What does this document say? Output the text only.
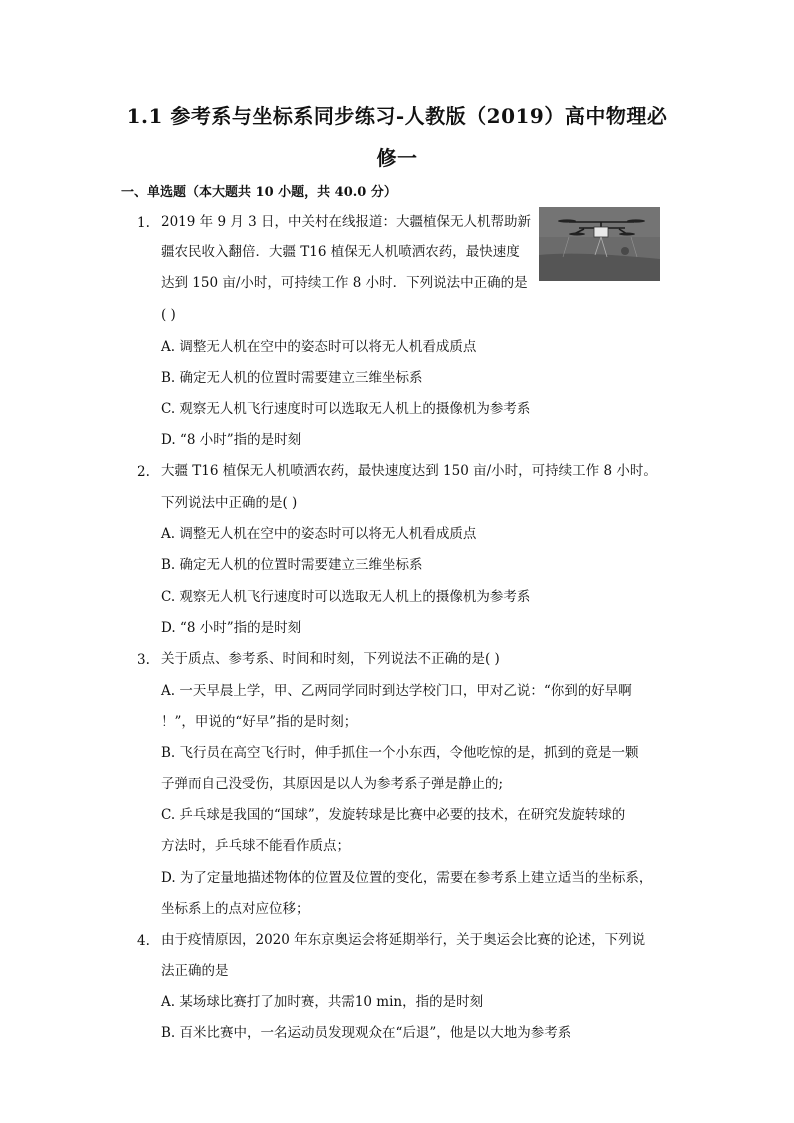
1.1 参考系与坐标系同步练习-人教版（2019）高中物理必
修一
一、单选题（本大题共 10 小题，共 40.0 分）
1. 2019 年 9 月 3 日，中关村在线报道：大疆植保无人机帮助新
疆农民收入翻倍．大疆 T16 植保无人机喷洒农药，最快速度
达到 150 亩/小时，可持续工作 8 小时．下列说法中正确的是
( )
A. 调整无人机在空中的姿态时可以将无人机看成质点
B. 确定无人机的位置时需要建立三维坐标系
C. 观察无人机飞行速度时可以选取无人机上的摄像机为参考系
D. “8 小时”指的是时刻
2. 大疆 T16 植保无人机喷洒农药，最快速度达到 150 亩/小时，可持续工作 8 小时。
下列说法中正确的是( )
A. 调整无人机在空中的姿态时可以将无人机看成质点
B. 确定无人机的位置时需要建立三维坐标系
C. 观察无人机飞行速度时可以选取无人机上的摄像机为参考系
D. “8 小时”指的是时刻
3. 关于质点、参考系、时间和时刻，下列说法不正确的是( )
A. 一天早晨上学，甲、乙两同学同时到达学校门口，甲对乙说：“你到的好早啊
！”，甲说的“好早”指的是时刻；
B. 飞行员在高空飞行时，伸手抓住一个小东西，令他吃惊的是，抓到的竟是一颗
子弹而自己没受伤，其原因是以人为参考系子弹是静止的;
C. 乒乓球是我国的“国球”，发旋转球是比赛中必要的技术，在研究发旋转球的
方法时，乒乓球不能看作质点；
D. 为了定量地描述物体的位置及位置的变化，需要在参考系上建立适当的坐标系，
坐标系上的点对应位移；
4. 由于疫情原因，2020 年东京奥运会将延期举行，关于奥运会比赛的论述，下列说
法正确的是
A. 某场球比赛打了加时赛，共需10 min，指的是时刻
B. 百米比赛中，一名运动员发现观众在“后退”，他是以大地为参考系
